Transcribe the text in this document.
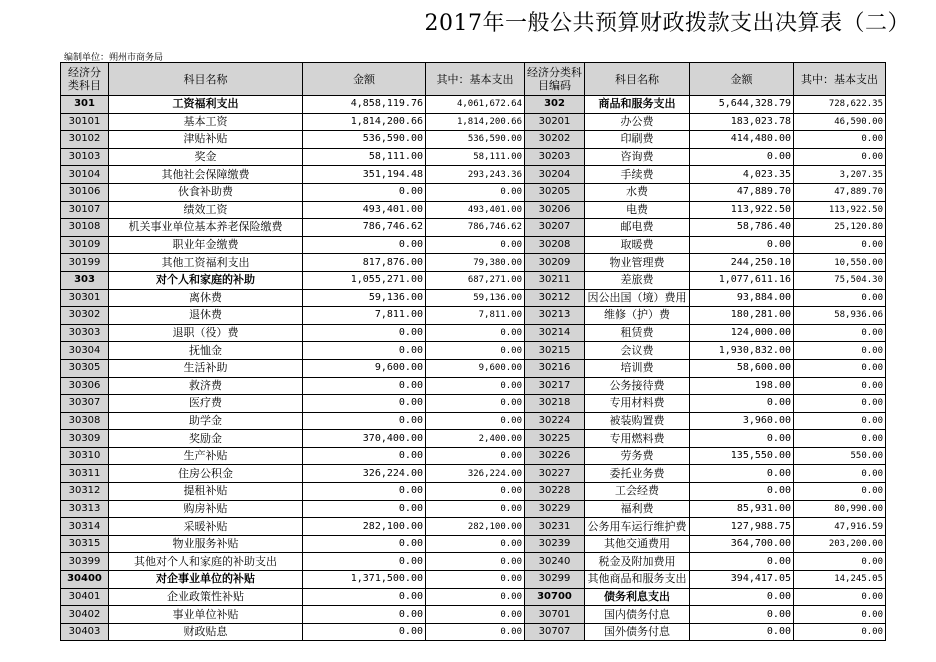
2017年一般公共预算财政拨款支出决算表（二）
编制单位：朔州市商务局
经济分类科目	科目名称	金额	其中：基本支出	经济分类科目编码	科目名称	金额	其中：基本支出
301	工资福利支出	4,858,119.76	4,061,672.64	302	商品和服务支出	5,644,328.79	728,622.35
30101	基本工资	1,814,200.66	1,814,200.66	30201	办公费	183,023.78	46,590.00
30102	津贴补贴	536,590.00	536,590.00	30202	印刷费	414,480.00	0.00
30103	奖金	58,111.00	58,111.00	30203	咨询费	0.00	0.00
30104	其他社会保障缴费	351,194.48	293,243.36	30204	手续费	4,023.35	3,207.35
30106	伙食补助费	0.00	0.00	30205	水费	47,889.70	47,889.70
30107	绩效工资	493,401.00	493,401.00	30206	电费	113,922.50	113,922.50
30108	机关事业单位基本养老保险缴费	786,746.62	786,746.62	30207	邮电费	58,786.40	25,120.80
30109	职业年金缴费	0.00	0.00	30208	取暖费	0.00	0.00
30199	其他工资福利支出	817,876.00	79,380.00	30209	物业管理费	244,250.10	10,550.00
303	对个人和家庭的补助	1,055,271.00	687,271.00	30211	差旅费	1,077,611.16	75,504.30
30301	离休费	59,136.00	59,136.00	30212	因公出国（境）费用	93,884.00	0.00
30302	退休费	7,811.00	7,811.00	30213	维修（护）费	180,281.00	58,936.06
30303	退职（役）费	0.00	0.00	30214	租赁费	124,000.00	0.00
30304	抚恤金	0.00	0.00	30215	会议费	1,930,832.00	0.00
30305	生活补助	9,600.00	9,600.00	30216	培训费	58,600.00	0.00
30306	救济费	0.00	0.00	30217	公务接待费	198.00	0.00
30307	医疗费	0.00	0.00	30218	专用材料费	0.00	0.00
30308	助学金	0.00	0.00	30224	被装购置费	3,960.00	0.00
30309	奖励金	370,400.00	2,400.00	30225	专用燃料费	0.00	0.00
30310	生产补贴	0.00	0.00	30226	劳务费	135,550.00	550.00
30311	住房公积金	326,224.00	326,224.00	30227	委托业务费	0.00	0.00
30312	提租补贴	0.00	0.00	30228	工会经费	0.00	0.00
30313	购房补贴	0.00	0.00	30229	福利费	85,931.00	80,990.00
30314	采暖补贴	282,100.00	282,100.00	30231	公务用车运行维护费	127,988.75	47,916.59
30315	物业服务补贴	0.00	0.00	30239	其他交通费用	364,700.00	203,200.00
30399	其他对个人和家庭的补助支出	0.00	0.00	30240	税金及附加费用	0.00	0.00
30400	对企事业单位的补贴	1,371,500.00	0.00	30299	其他商品和服务支出	394,417.05	14,245.05
30401	企业政策性补贴	0.00	0.00	30700	债务利息支出	0.00	0.00
30402	事业单位补贴	0.00	0.00	30701	国内债务付息	0.00	0.00
30403	财政贴息	0.00	0.00	30707	国外债务付息	0.00	0.00
